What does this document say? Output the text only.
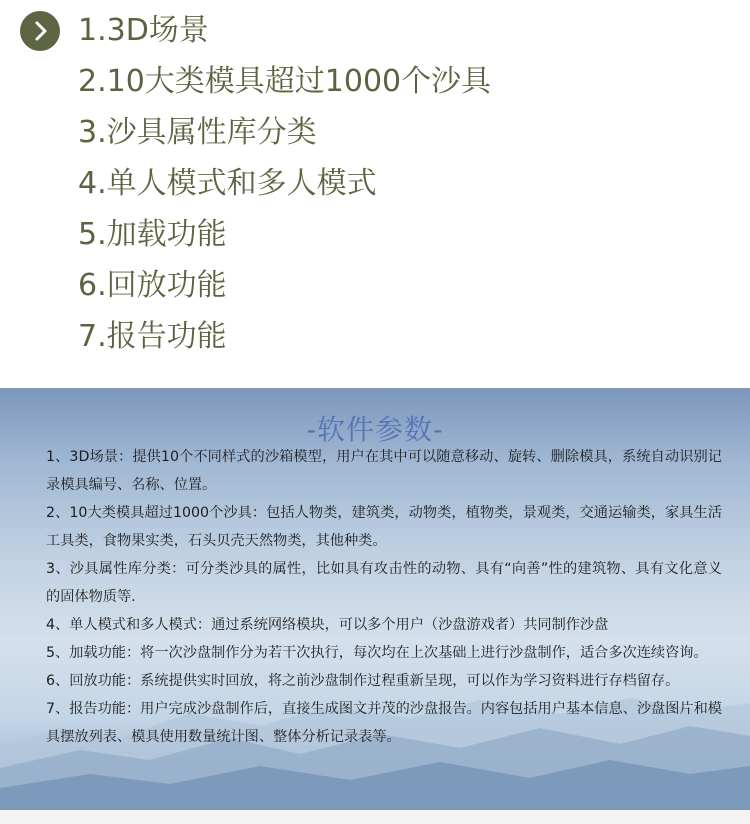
1.3D场景
2.10大类模具超过1000个沙具
3.沙具属性库分类
4.单人模式和多人模式
5.加载功能
6.回放功能
7.报告功能
-软件参数-
1、3D场景：提供10个不同样式的沙箱模型，用户在其中可以随意移动、旋转、删除模具，系统自动识别记录模具编号、名称、位置。
2、10大类模具超过1000个沙具：包括人物类，建筑类，动物类，植物类，景观类，交通运输类，家具生活工具类，食物果实类，石头贝壳天然物类，其他种类。
3、沙具属性库分类：可分类沙具的属性，比如具有攻击性的动物、具有“向善”性的建筑物、具有文化意义的固体物质等.
4、单人模式和多人模式：通过系统网络模块，可以多个用户（沙盘游戏者）共同制作沙盘
5、加载功能：将一次沙盘制作分为若干次执行，每次均在上次基础上进行沙盘制作，适合多次连续咨询。
6、回放功能：系统提供实时回放，将之前沙盘制作过程重新呈现，可以作为学习资料进行存档留存。
7、报告功能：用户完成沙盘制作后，直接生成图文并茂的沙盘报告。内容包括用户基本信息、沙盘图片和模具摆放列表、模具使用数量统计图、整体分析记录表等。
